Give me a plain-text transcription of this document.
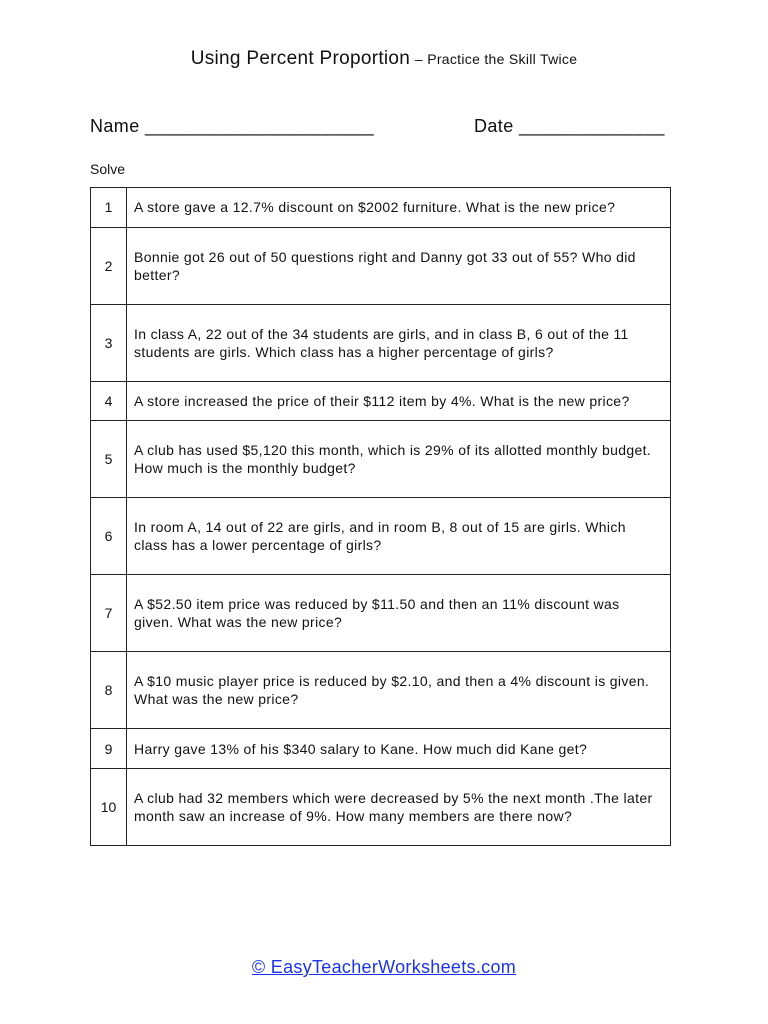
Using Percent Proportion – Practice the Skill Twice
Name ______________________	Date ______________
Solve
1	A store gave a 12.7% discount on $2002 furniture. What is the new price?
2	Bonnie got 26 out of 50 questions right and Danny got 33 out of 55? Who did better?
3	In class A, 22 out of the 34 students are girls, and in class B, 6 out of the 11 students are girls. Which class has a higher percentage of girls?
4	A store increased the price of their $112 item by 4%. What is the new price?
5	A club has used $5,120 this month, which is 29% of its allotted monthly budget. How much is the monthly budget?
6	In room A, 14 out of 22 are girls, and in room B, 8 out of 15 are girls. Which class has a lower percentage of girls?
7	A $52.50 item price was reduced by $11.50 and then an 11% discount was given. What was the new price?
8	A $10 music player price is reduced by $2.10, and then a 4% discount is given. What was the new price?
9	Harry gave 13% of his $340 salary to Kane. How much did Kane get?
10	A club had 32 members which were decreased by 5% the next month .The later month saw an increase of 9%. How many members are there now?
© EasyTeacherWorksheets.com
